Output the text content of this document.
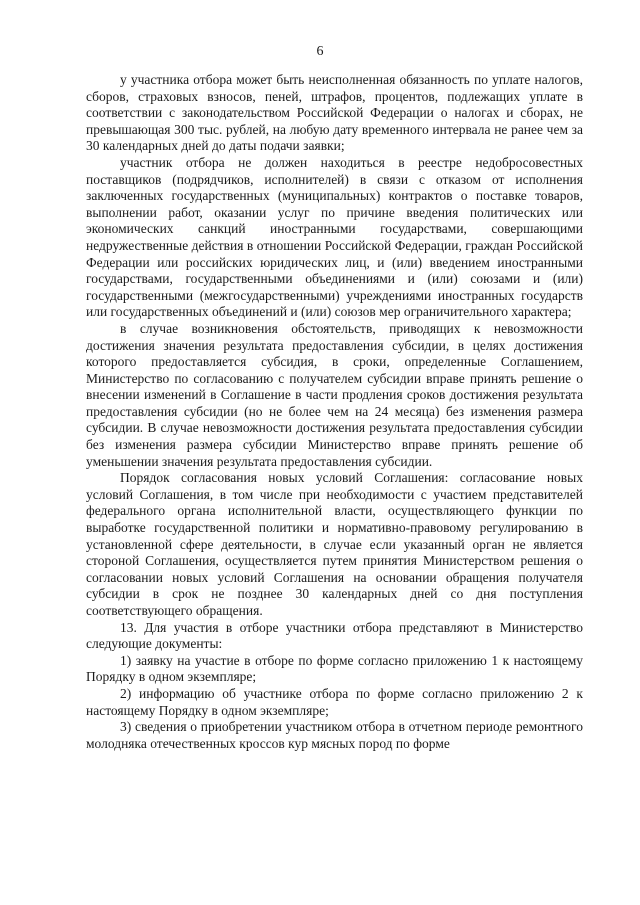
6

у участника отбора может быть неисполненная обязанность по уплате налогов, сборов, страховых взносов, пеней, штрафов, процентов, подлежащих уплате в соответствии с законодательством Российской Федерации о налогах и сборах, не превышающая 300 тыс. рублей, на любую дату временного интервала не ранее чем за 30 календарных дней до даты подачи заявки;

участник отбора не должен находиться в реестре недобросовестных поставщиков (подрядчиков, исполнителей) в связи с отказом от исполнения заключенных государственных (муниципальных) контрактов о поставке товаров, выполнении работ, оказании услуг по причине введения политических или экономических санкций иностранными государствами, совершающими недружественные действия в отношении Российской Федерации, граждан Российской Федерации или российских юридических лиц, и (или) введением иностранными государствами, государственными объединениями и (или) союзами и (или) государственными (межгосударственными) учреждениями иностранных государств или государственных объединений и (или) союзов мер ограничительного характера;

в случае возникновения обстоятельств, приводящих к невозможности достижения значения результата предоставления субсидии, в целях достижения которого предоставляется субсидия, в сроки, определенные Соглашением, Министерство по согласованию с получателем субсидии вправе принять решение о внесении изменений в Соглашение в части продления сроков достижения результата предоставления субсидии (но не более чем на 24 месяца) без изменения размера субсидии. В случае невозможности достижения результата предоставления субсидии без изменения размера субсидии Министерство вправе принять решение об уменьшении значения результата предоставления субсидии.

Порядок согласования новых условий Соглашения: согласование новых условий Соглашения, в том числе при необходимости с участием представителей федерального органа исполнительной власти, осуществляющего функции по выработке государственной политики и нормативно-правовому регулированию в установленной сфере деятельности, в случае если указанный орган не является стороной Соглашения, осуществляется путем принятия Министерством решения о согласовании новых условий Соглашения на основании обращения получателя субсидии в срок не позднее 30 календарных дней со дня поступления соответствующего обращения.

13. Для участия в отборе участники отбора представляют в Министерство следующие документы:

1) заявку на участие в отборе по форме согласно приложению 1 к настоящему Порядку в одном экземпляре;

2) информацию об участнике отбора по форме согласно приложению 2 к настоящему Порядку в одном экземпляре;

3) сведения о приобретении участником отбора в отчетном периоде ремонтного молодняка отечественных кроссов кур мясных пород по форме
